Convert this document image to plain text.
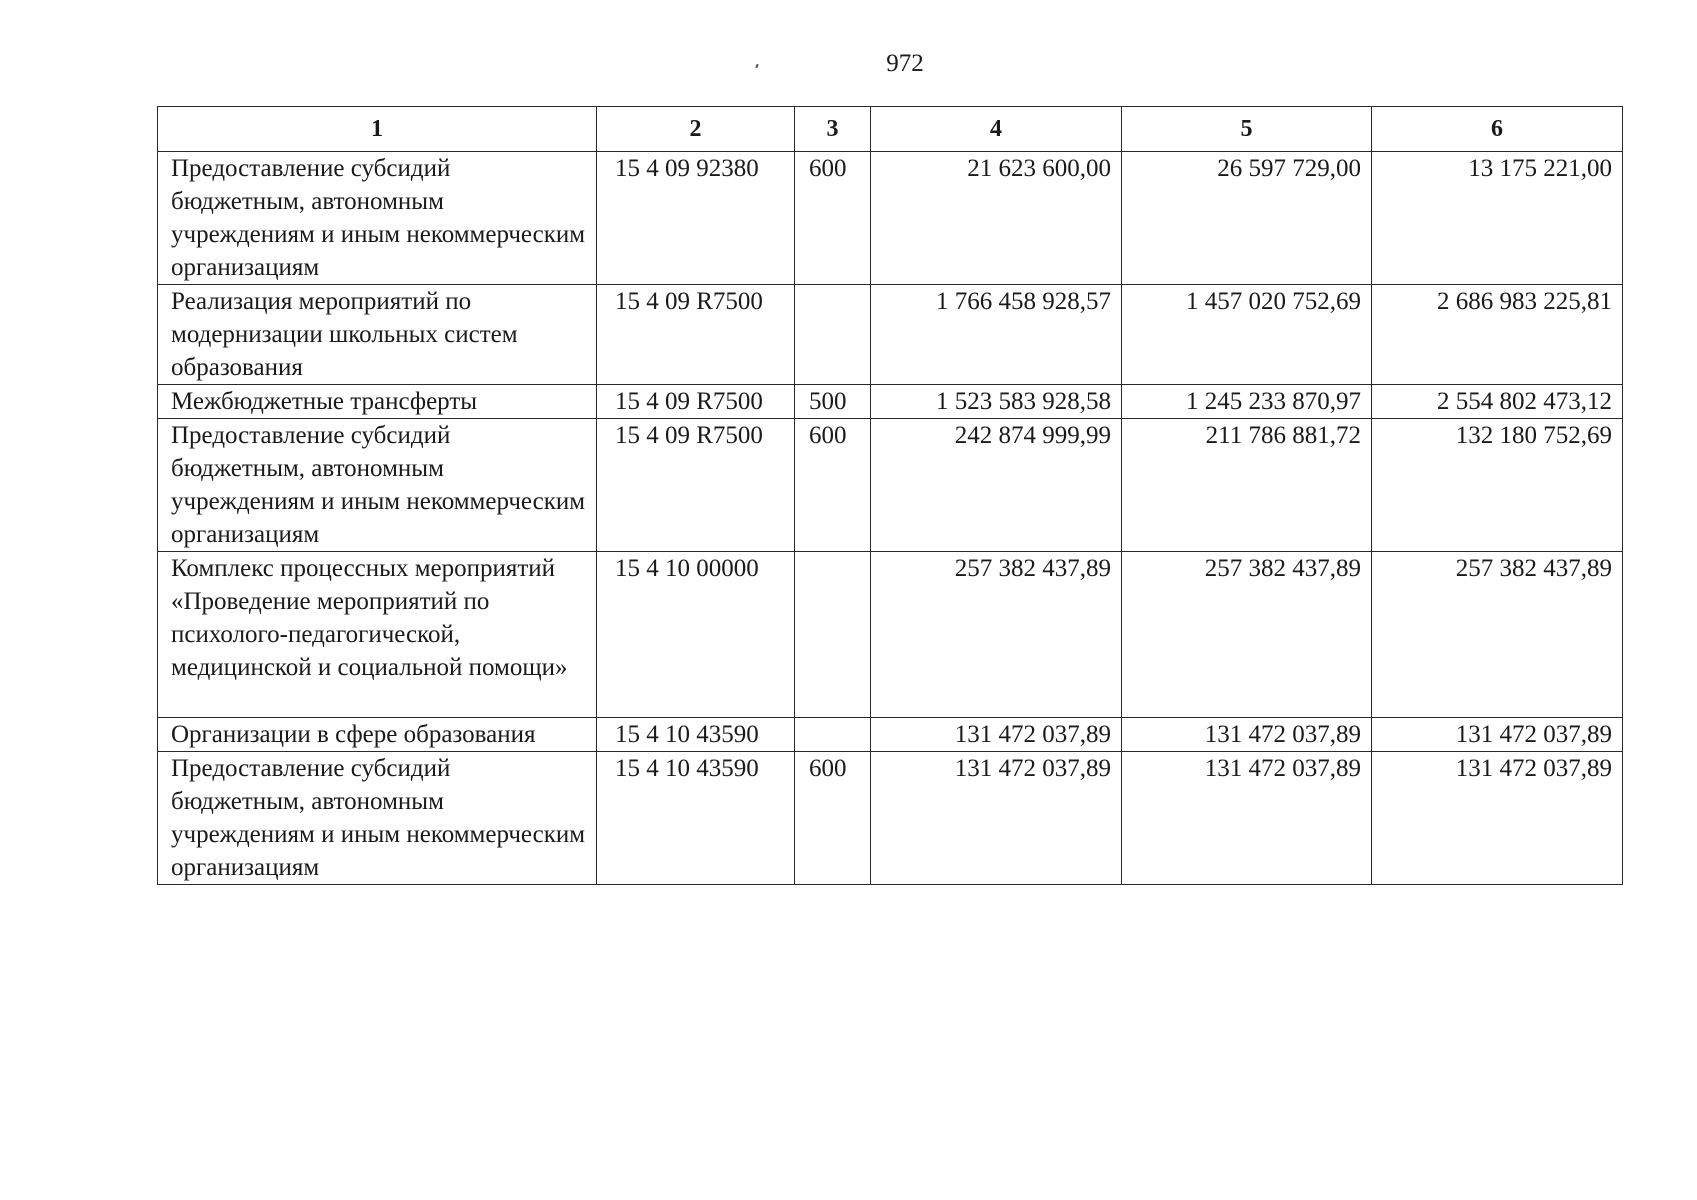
972
1	2	3	4	5	6
Предоставление субсидий бюджетным, автономным учреждениям и иным некоммерческим организациям	15 4 09 92380	600	21 623 600,00	26 597 729,00	13 175 221,00
Реализация мероприятий по модернизации школьных систем образования	15 4 09 R7500		1 766 458 928,57	1 457 020 752,69	2 686 983 225,81
Межбюджетные трансферты	15 4 09 R7500	500	1 523 583 928,58	1 245 233 870,97	2 554 802 473,12
Предоставление субсидий бюджетным, автономным учреждениям и иным некоммерческим организациям	15 4 09 R7500	600	242 874 999,99	211 786 881,72	132 180 752,69
Комплекс процессных мероприятий «Проведение мероприятий по психолого-педагогической, медицинской и социальной помощи»	15 4 10 00000		257 382 437,89	257 382 437,89	257 382 437,89
Организации в сфере образования	15 4 10 43590		131 472 037,89	131 472 037,89	131 472 037,89
Предоставление субсидий бюджетным, автономным учреждениям и иным некоммерческим организациям	15 4 10 43590	600	131 472 037,89	131 472 037,89	131 472 037,89
